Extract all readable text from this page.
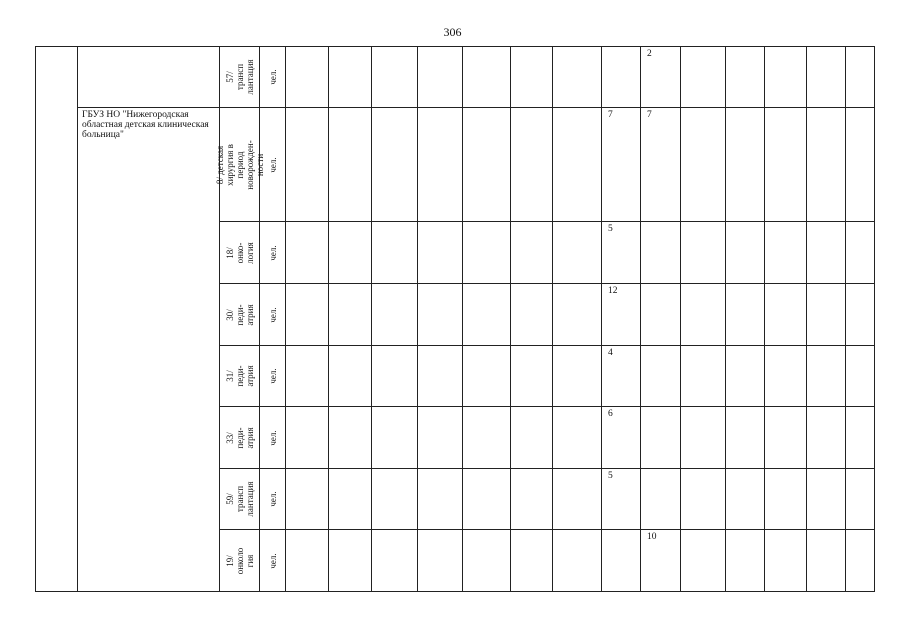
306

		57/трансп
лантация	чел.									2					
	ГБУЗ НО "Нижегородская областная детская клиническая больница"	8/ детская хирургия в
период новорожден-
ности	чел.								7	7					

		18/ онко-
логия	чел.								5						

		30/ педи-
атрия	чел.								12						

		31/ педи-
атрия	чел.								4						

		33/ педи-
атрия	чел.								6						

		59/трансп
лантация	чел.								5						

		19/онколо
гия	чел.									10					
